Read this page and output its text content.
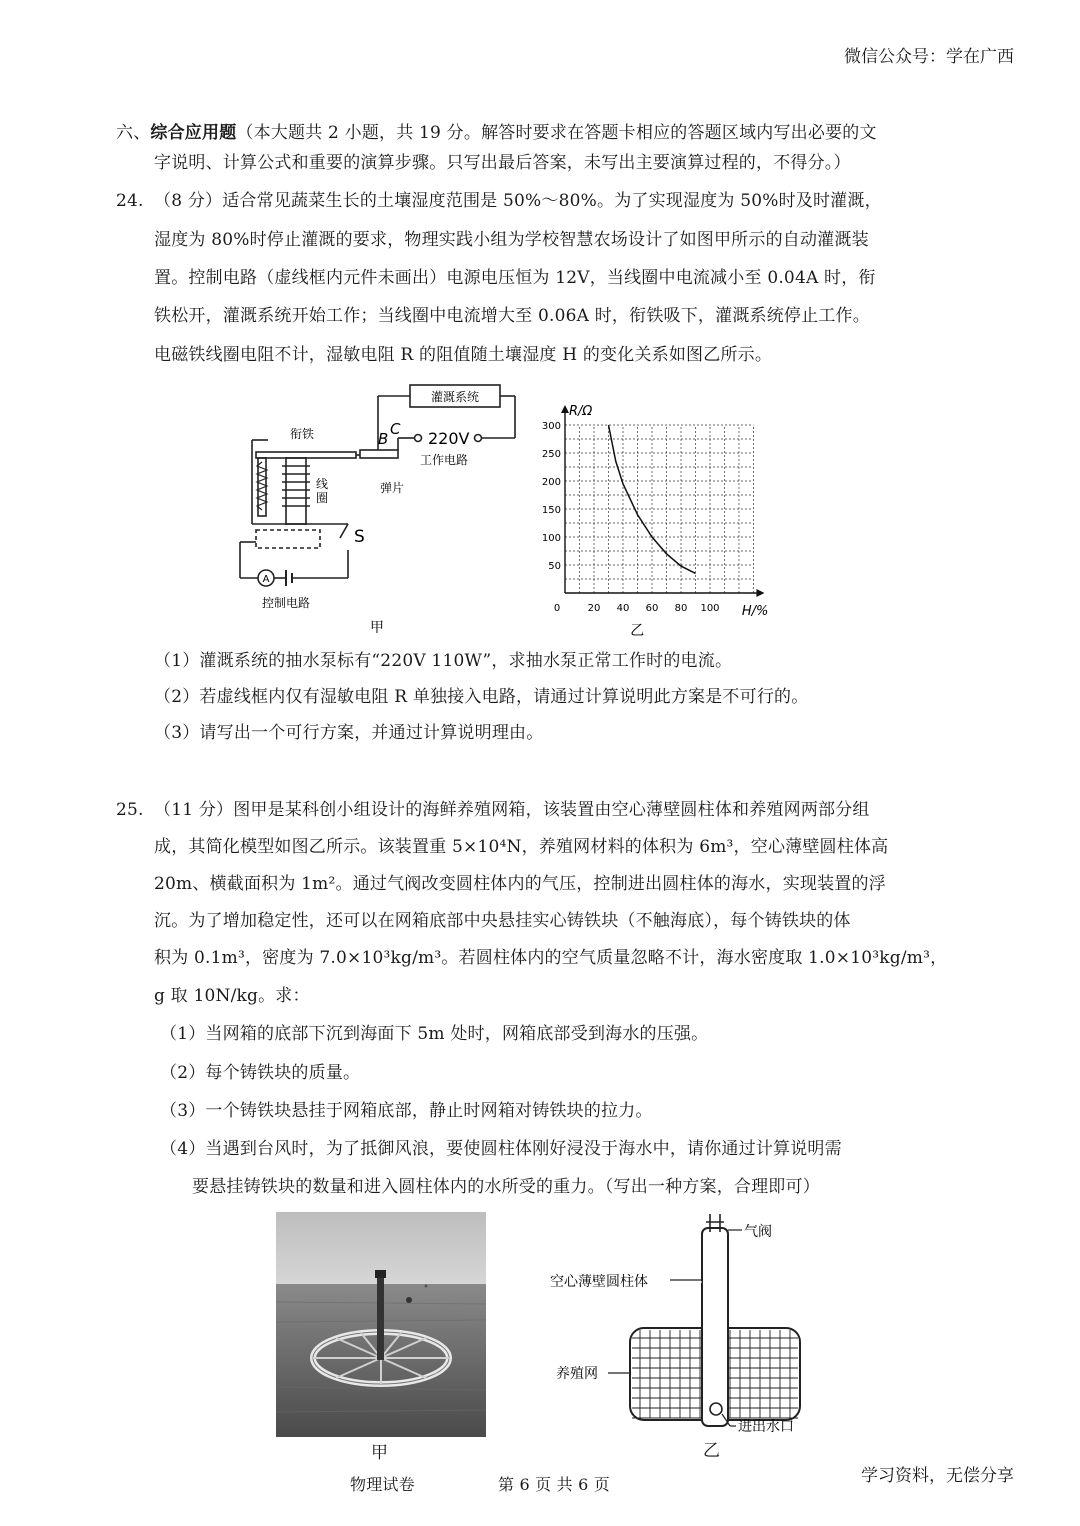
微信公众号：学在广西
六、综合应用题（本大题共 2 小题，共 19 分。解答时要求在答题卡相应的答题区域内写出必要的文
字说明、计算公式和重要的演算步骤。只写出最后答案，未写出主要演算过程的，不得分。）
24. （8 分）适合常见蔬菜生长的土壤湿度范围是 50%～80%。为了实现湿度为 50%时及时灌溉，
湿度为 80%时停止灌溉的要求，物理实践小组为学校智慧农场设计了如图甲所示的自动灌溉装
置。控制电路（虚线框内元件未画出）电源电压恒为 12V，当线圈中电流减小至 0.04A 时，衔
铁松开，灌溉系统开始工作；当线圈中电流增大至 0.06A 时，衔铁吸下，灌溉系统停止工作。
电磁铁线圈电阻不计，湿敏电阻 R 的阻值随土壤湿度 H 的变化关系如图乙所示。
灌溉系统
衔铁
线
圈
B
C 220V
工作电路
弹片
S
A
控制电路
甲
0	20 40 60 80 100
50
100
150
200
250
300
R/Ω
H/%
乙
（1）灌溉系统的抽水泵标有“220V 110W”，求抽水泵正常工作时的电流。
（2）若虚线框内仅有湿敏电阻 R 单独接入电路，请通过计算说明此方案是不可行的。
（3）请写出一个可行方案，并通过计算说明理由。
25. （11 分）图甲是某科创小组设计的海鲜养殖网箱，该装置由空心薄壁圆柱体和养殖网两部分组
成，其简化模型如图乙所示。该装置重 5×10⁴N，养殖网材料的体积为 6m³，空心薄壁圆柱体高
20m、横截面积为 1m²。通过气阀改变圆柱体内的气压，控制进出圆柱体的海水，实现装置的浮
沉。为了增加稳定性，还可以在网箱底部中央悬挂实心铸铁块（不触海底），每个铸铁块的体
积为 0.1m³，密度为 7.0×10³kg/m³。若圆柱体内的空气质量忽略不计，海水密度取 1.0×10³kg/m³，
g 取 10N/kg。求：
（1）当网箱的底部下沉到海面下 5m 处时，网箱底部受到海水的压强。
（2）每个铸铁块的质量。
（3）一个铸铁块悬挂于网箱底部，静止时网箱对铸铁块的拉力。
（4）当遇到台风时，为了抵御风浪，要使圆柱体刚好浸没于海水中，请你通过计算说明需
要悬挂铸铁块的数量和进入圆柱体内的水所受的重力。（写出一种方案，合理即可）
甲
气阀
空心薄壁圆柱体
养殖网
进出水口
乙
物理试卷	第 6 页 共 6 页	学习资料，无偿分享
